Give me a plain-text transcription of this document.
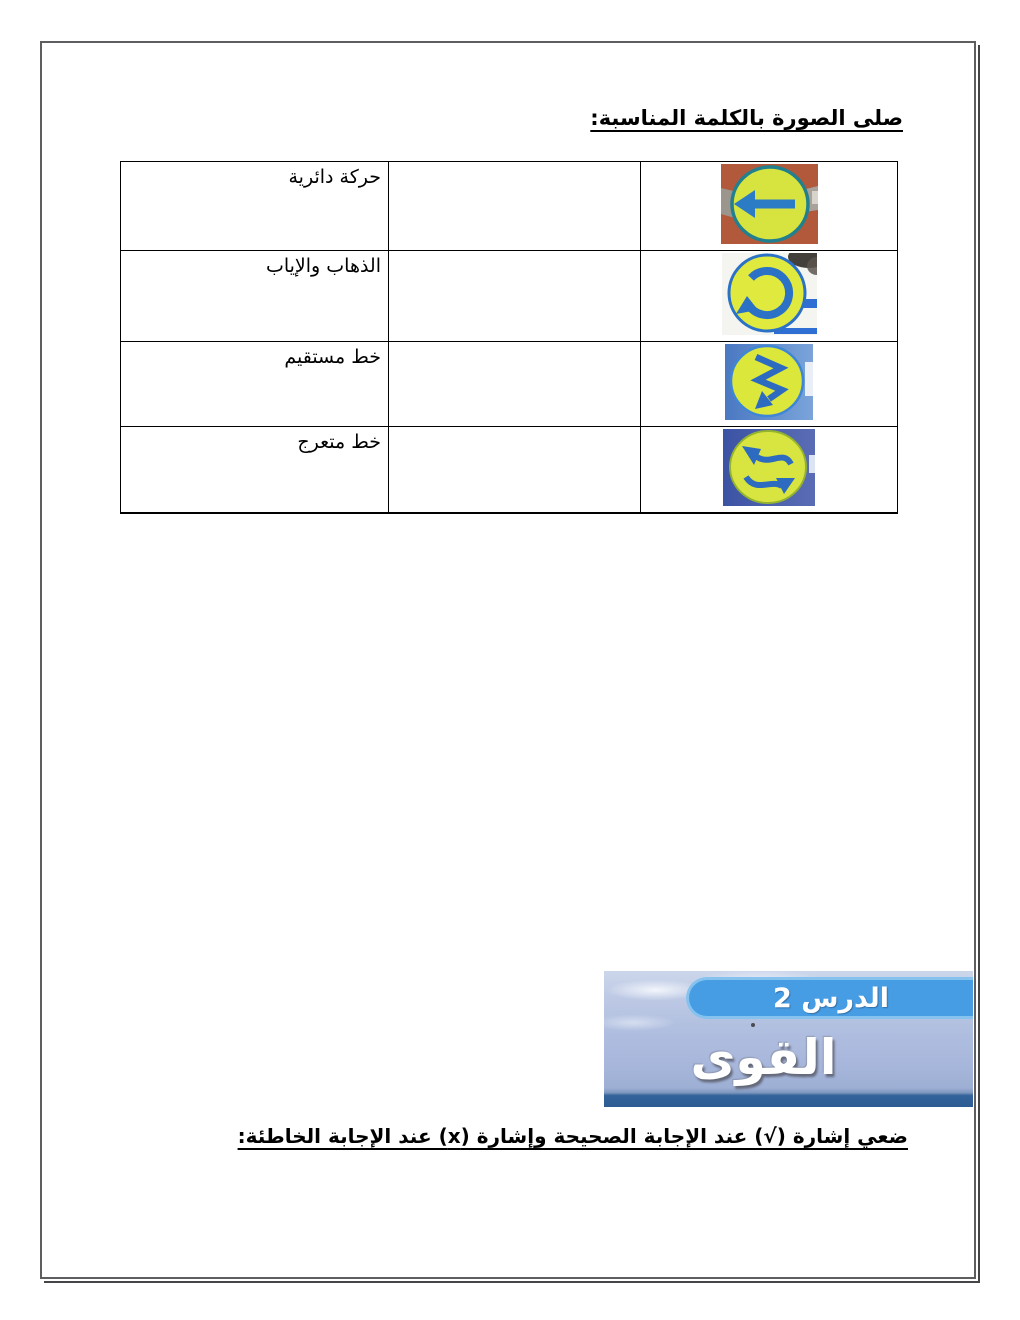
صلى الصورة بالكلمة المناسبة:
حركة دائرية		
الذهاب والإياب		
خط مستقيم		
خط متعرج		
الدرس 2
القوى
ضعي إشارة (√) عند الإجابة الصحيحة وإشارة (x) عند الإجابة الخاطئة:
